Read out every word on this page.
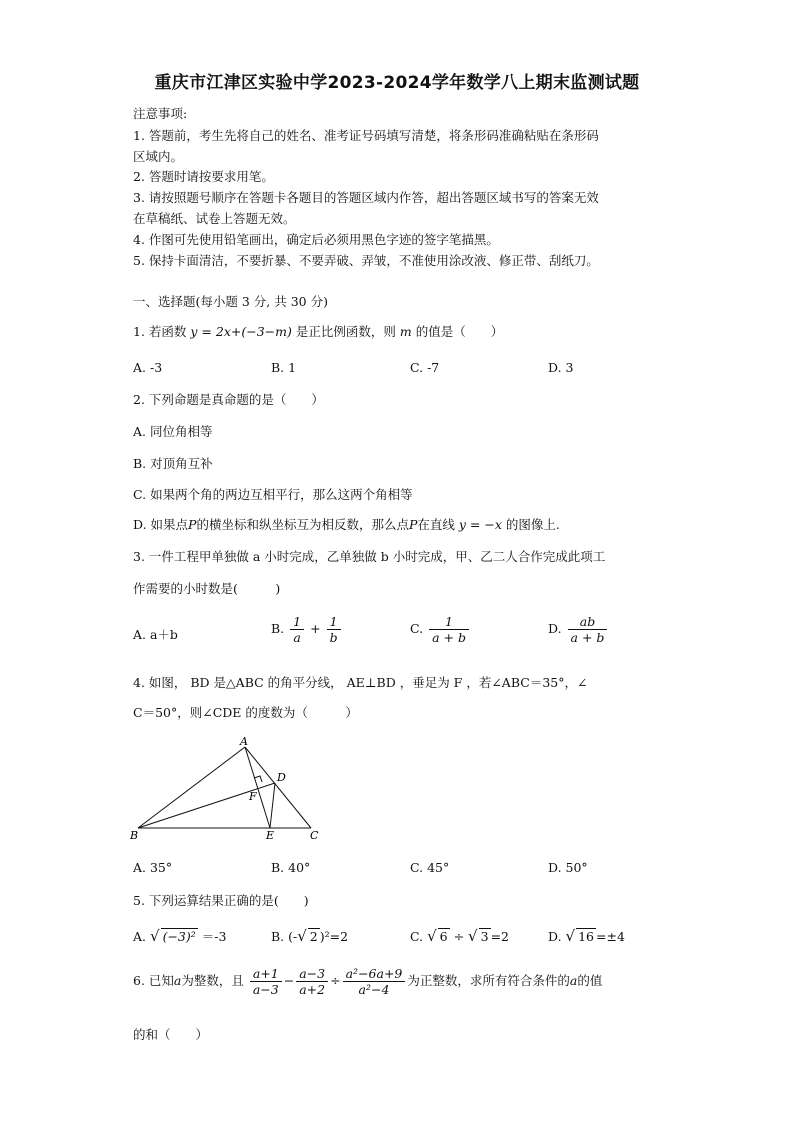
重庆市江津区实验中学2023-2024学年数学八上期末监测试题
注意事项:
1. 答题前，考生先将自己的姓名、准考证号码填写清楚，将条形码准确粘贴在条形码
区域内。
2. 答题时请按要求用笔。
3. 请按照题号顺序在答题卡各题目的答题区域内作答，超出答题区域书写的答案无效
在草稿纸、试卷上答题无效。
4. 作图可先使用铅笔画出，确定后必须用黑色字迹的签字笔描黑。
5. 保持卡面清洁，不要折暴、不要弄破、弄皱，不准使用涂改液、修正带、刮纸刀。
一、选择题(每小题 3 分, 共 30 分)
1. 若函数 y = 2x+(−3−m) 是正比例函数，则 m 的值是（　　）
A. -3	B. 1	C. -7	D. 3
2. 下列命题是真命题的是（　　）
A. 同位角相等
B. 对顶角互补
C. 如果两个角的两边互相平行，那么这两个角相等
D. 如果点P的横坐标和纵坐标互为相反数，那么点P在直线 y = −x 的图像上.
3. 一件工程甲单独做 a 小时完成，乙单独做 b 小时完成，甲、乙二人合作完成此项工
作需要的小时数是(　　　)
A. a＋b	B. $\frac{1}{a} + \frac{1}{b}$	C. $\frac{1}{a + b}$	D. $\frac{ab}{a + b}$
4. 如图， BD 是△ABC 的角平分线， AE⊥BD ，垂足为 F ，若∠ABC＝35°，∠
C＝50°，则∠CDE 的度数为（　　　）
A
B	C
D
E
F
A. 35°	B. 40°	C. 45°	D. 50°
5. 下列运算结果正确的是(　　)
A. √ (−3)² ＝-3	B. (-√ 2 )²=2	C. √ 6 ÷ √ 3 =2	D. √ 16 =±4
6. 已知a为整数，且 $\frac{a+1}{a-3} - \frac{a-3}{a+2} \div \frac{\text{a²−6a+9}}{\text{a²−4}}$ 为正整数，求所有符合条件的a的值
的和（　　）
